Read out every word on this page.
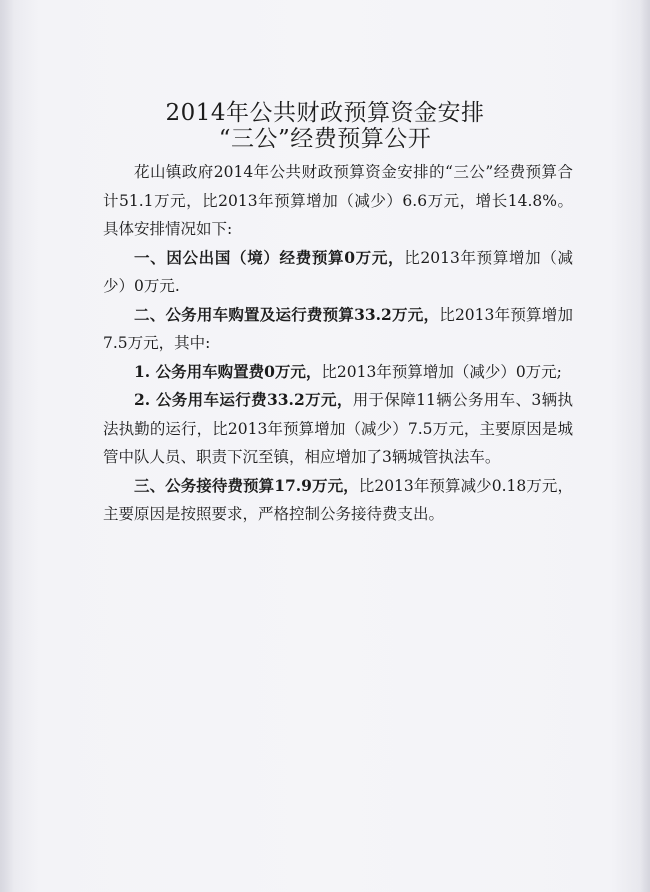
2014年公共财政预算资金安排
“三公”经费预算公开

花山镇政府2014年公共财政预算资金安排的“三公”经费预算合计51.1万元，比2013年预算增加（减少）6.6万元，增长14.8%。具体安排情况如下:

一、因公出国（境）经费预算0万元，比2013年预算增加（减少）0万元.

二、公务用车购置及运行费预算33.2万元，比2013年预算增加7.5万元，其中:

1. 公务用车购置费0万元，比2013年预算增加（减少）0万元;

2. 公务用车运行费33.2万元，用于保障11辆公务用车、3辆执法执勤的运行，比2013年预算增加（减少）7.5万元，主要原因是城管中队人员、职责下沉至镇，相应增加了3辆城管执法车。

三、公务接待费预算17.9万元，比2013年预算减少0.18万元，主要原因是按照要求，严格控制公务接待费支出。
